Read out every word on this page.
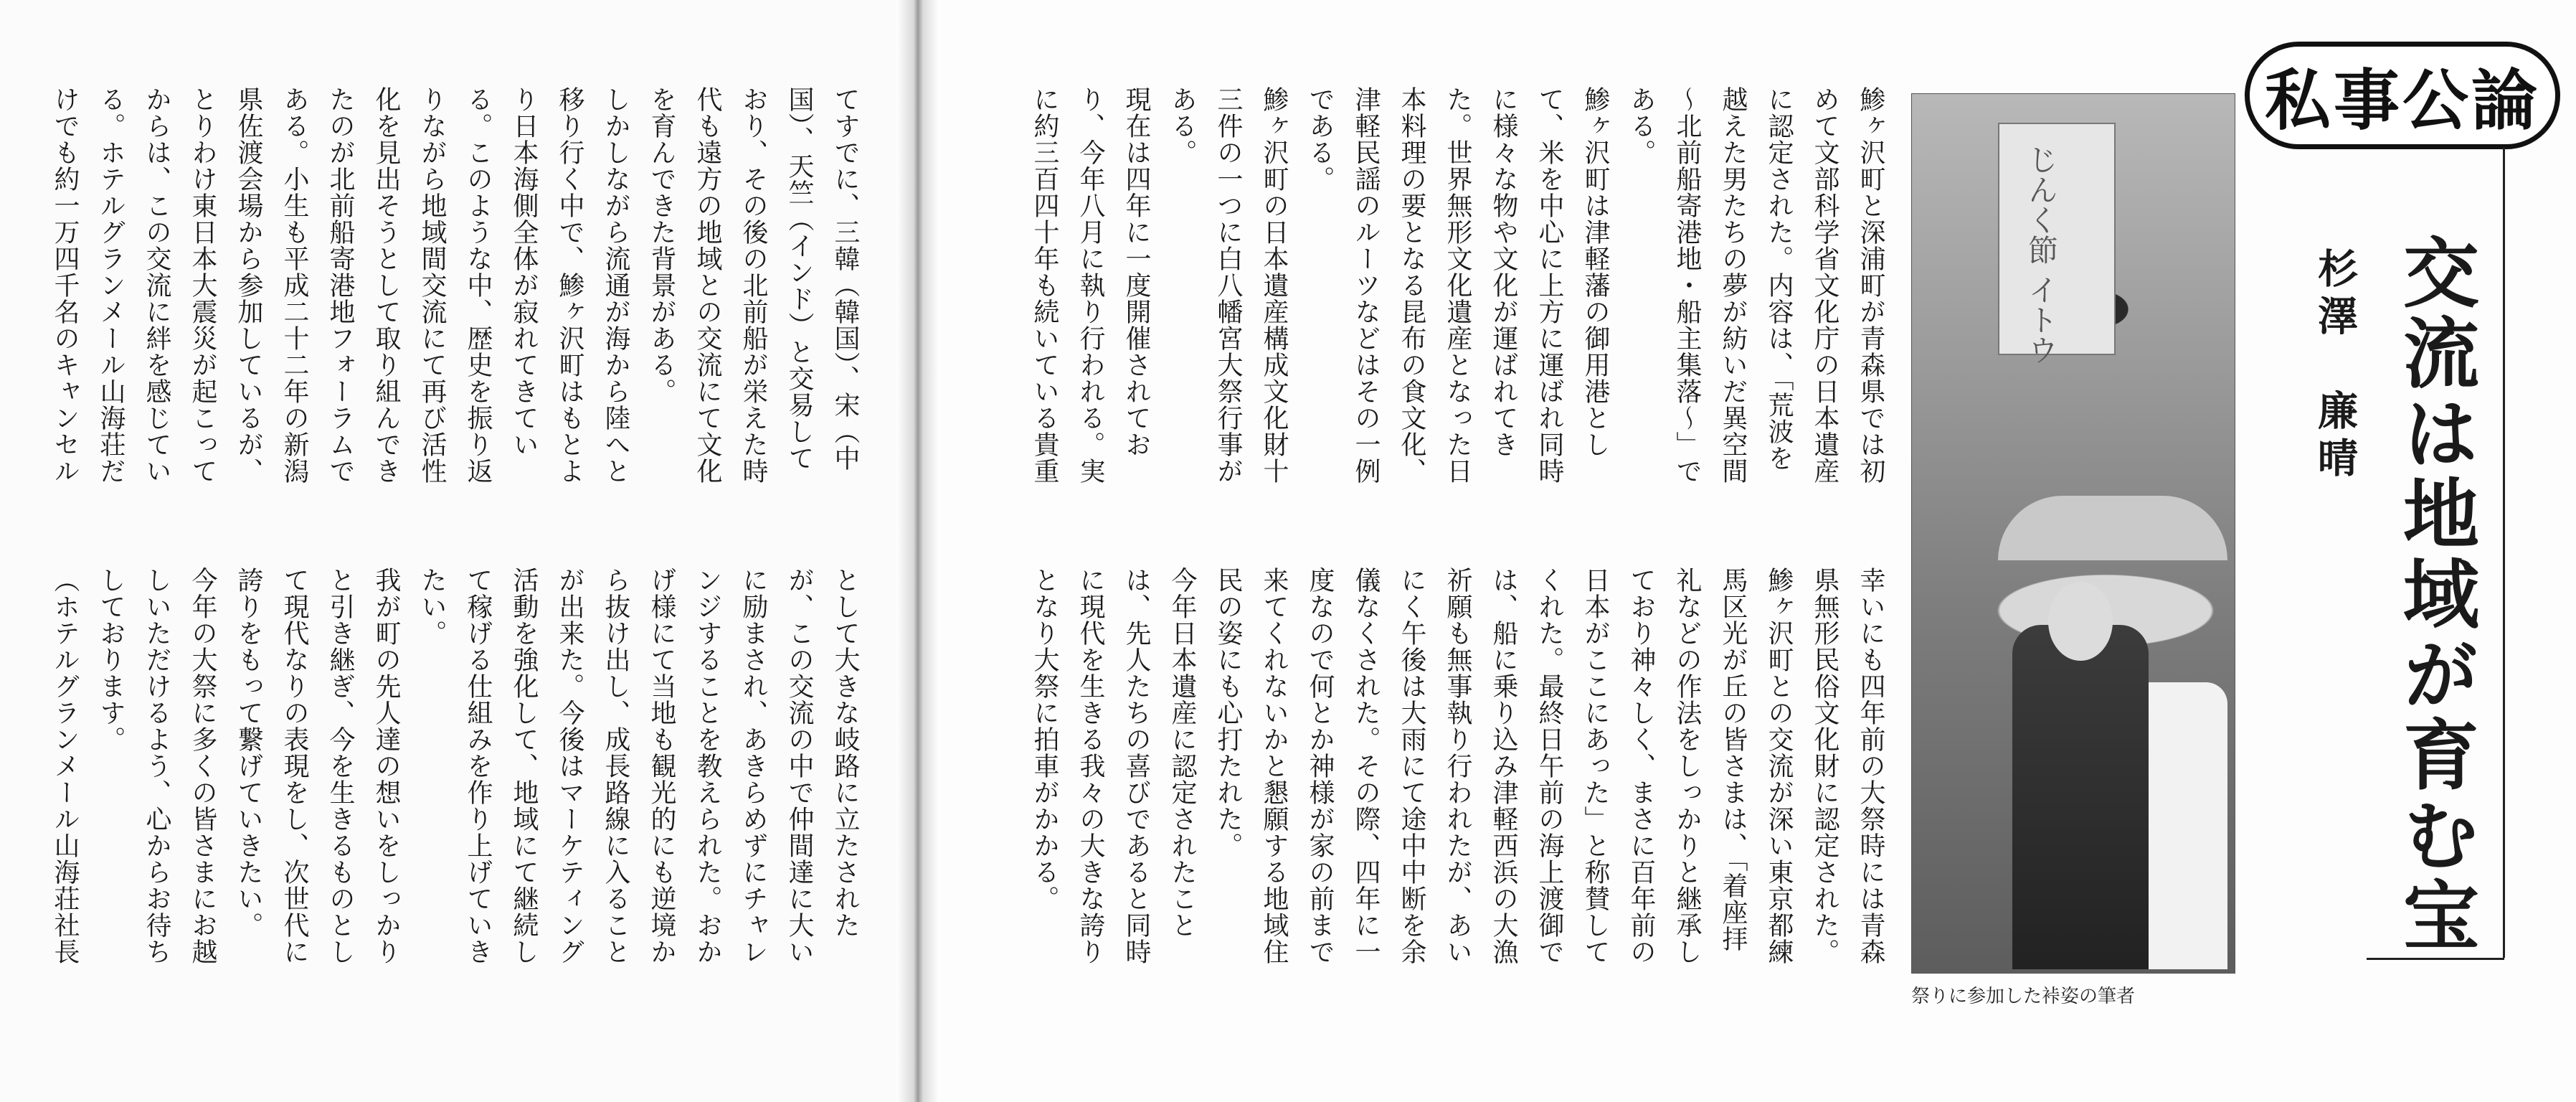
てすでに、三韓（韓国）、宋（中国）、天竺（インド）と交易しており、その後の北前船が栄えた時代も遠方の地域との交流にて文化を育んできた背景がある。
しかしながら流通が海から陸へと移り行く中で、鯵ヶ沢町はもとより日本海側全体が寂れてきている。このような中、歴史を振り返りながら地域間交流にて再び活性化を見出そうとして取り組んできたのが北前船寄港地フォーラムである。小生も平成二十二年の新潟県佐渡会場から参加しているが、とりわけ東日本大震災が起こってからは、この交流に絆を感じている。ホテルグランメール山海荘だけでも約一万四千名のキャンセル
として大きな岐路に立たされたが、この交流の中で仲間達に大いに励まされ、あきらめずにチャレンジすることを教えられた。おかげ様にて当地も観光的にも逆境から抜け出し、成長路線に入ることが出来た。今後はマーケティング活動を強化して、地域にて継続して稼げる仕組みを作り上げていきたい。
我が町の先人達の想いをしっかりと引き継ぎ、今を生きるものとして現代なりの表現をし、次世代に誇りをもって繋げていきたい。
今年の大祭に多くの皆さまにお越しいただけるよう、心からお待ちしております。
（ホテルグランメール山海荘社長
鯵ヶ沢町と深浦町が青森県では初めて文部科学省文化庁の日本遺産に認定された。内容は、「荒波を越えた男たちの夢が紡いだ異空間～北前船寄港地・船主集落～」である。
鯵ヶ沢町は津軽藩の御用港として、米を中心に上方に運ばれ同時に様々な物や文化が運ばれてきた。世界無形文化遺産となった日本料理の要となる昆布の食文化、津軽民謡のルーツなどはその一例である。
鯵ヶ沢町の日本遺産構成文化財十三件の一つに白八幡宮大祭行事がある。
現在は四年に一度開催されており、今年八月に執り行われる。実に約三百四十年も続いている貴重
幸いにも四年前の大祭時には青森県無形民俗文化財に認定された。鯵ヶ沢町との交流が深い東京都練馬区光が丘の皆さまは、「着座拝礼などの作法をしっかりと継承しており神々しく、まさに百年前の日本がここにあった」と称賛してくれた。最終日午前の海上渡御では、船に乗り込み津軽西浜の大漁祈願も無事執り行われたが、あいにく午後は大雨にて途中中断を余儀なくされた。その際、四年に一度なので何とか神様が家の前まで来てくれないかと懇願する地域住民の姿にも心打たれた。
今年日本遺産に認定されたことは、先人たちの喜びであると同時に現代を生きる我々の大きな誇りとなり大祭に拍車がかかる。

じんく節 イトウ
祭りに参加した裃姿の筆者
私事公論
交流は地域が育む宝
杉澤　廉晴
